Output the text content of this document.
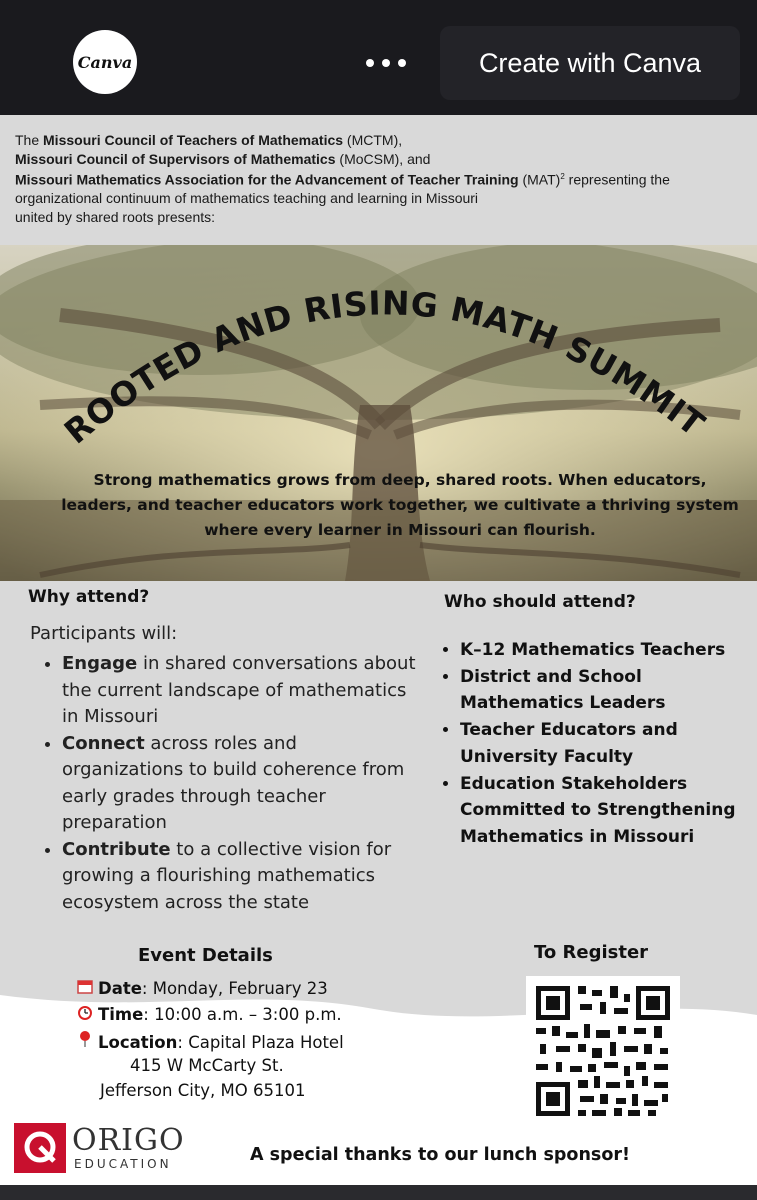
Canva	Create with Canva
The Missouri Council of Teachers of Mathematics (MCTM),
Missouri Council of Supervisors of Mathematics (MoCSM), and
Missouri Mathematics Association for the Advancement of Teacher Training (MAT)$^2$ representing the
organizational continuum of mathematics teaching and learning in Missouri
united by shared roots presents:
ROOTED AND RISING MATH SUMMIT
Strong mathematics grows from deep, shared roots. When educators, leaders, and teacher educators work together, we cultivate a thriving system where every learner in Missouri can flourish.
Why attend?
Participants will:
• Engage in shared conversations about the current landscape of mathematics in Missouri
• Connect across roles and organizations to build coherence from early grades through teacher preparation
• Contribute to a collective vision for growing a flourishing mathematics ecosystem across the state
Who should attend?
• K–12 Mathematics Teachers
• District and School Mathematics Leaders
• Teacher Educators and University Faculty
• Education Stakeholders Committed to Strengthening Mathematics in Missouri
Event Details
Date: Monday, February 23
Time: 10:00 a.m. – 3:00 p.m.
Location: Capital Plaza Hotel
415 W McCarty St.
Jefferson City, MO 65101
To Register
ORIGO
EDUCATION	A special thanks to our lunch sponsor!
